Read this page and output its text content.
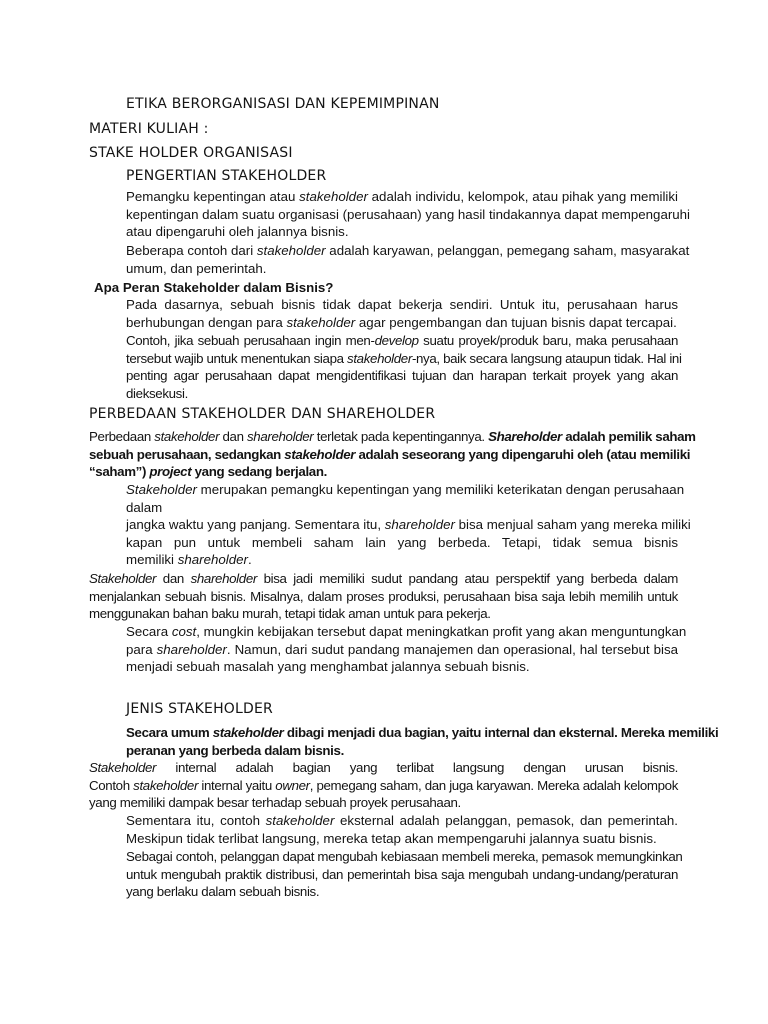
ETIKA BERORGANISASI DAN KEPEMIMPINAN
MATERI KULIAH :
STAKE HOLDER ORGANISASI
PENGERTIAN STAKEHOLDER
Pemangku kepentingan atau stakeholder adalah individu, kelompok, atau pihak yang memiliki
kepentingan dalam suatu organisasi (perusahaan) yang hasil tindakannya dapat mempengaruhi
atau dipengaruhi oleh jalannya bisnis.
Beberapa contoh dari stakeholder adalah karyawan, pelanggan, pemegang saham, masyarakat
umum, dan pemerintah.
Apa Peran Stakeholder dalam Bisnis?
Pada dasarnya, sebuah bisnis tidak dapat bekerja sendiri. Untuk itu, perusahaan harus
berhubungan dengan para stakeholder agar pengembangan dan tujuan bisnis dapat tercapai.
Contoh, jika sebuah perusahaan ingin men-develop suatu proyek/produk baru, maka perusahaan
tersebut wajib untuk menentukan siapa stakeholder-nya, baik secara langsung ataupun tidak. Hal ini
penting agar perusahaan dapat mengidentifikasi tujuan dan harapan terkait proyek yang akan
dieksekusi.
PERBEDAAN STAKEHOLDER DAN SHAREHOLDER
Perbedaan stakeholder dan shareholder terletak pada kepentingannya. Shareholder adalah pemilik saham
sebuah perusahaan, sedangkan stakeholder adalah seseorang yang dipengaruhi oleh (atau memiliki
“saham”) project yang sedang berjalan.
Stakeholder merupakan pemangku kepentingan yang memiliki keterikatan dengan perusahaan
dalam
jangka waktu yang panjang. Sementara itu, shareholder bisa menjual saham yang mereka miliki
kapan pun untuk membeli saham lain yang berbeda. Tetapi, tidak semua bisnis
memiliki shareholder.
Stakeholder dan shareholder bisa jadi memiliki sudut pandang atau perspektif yang berbeda dalam
menjalankan sebuah bisnis. Misalnya, dalam proses produksi, perusahaan bisa saja lebih memilih untuk
menggunakan bahan baku murah, tetapi tidak aman untuk para pekerja.
Secara cost, mungkin kebijakan tersebut dapat meningkatkan profit yang akan menguntungkan
para shareholder. Namun, dari sudut pandang manajemen dan operasional, hal tersebut bisa
menjadi sebuah masalah yang menghambat jalannya sebuah bisnis.
JENIS STAKEHOLDER
Secara umum stakeholder dibagi menjadi dua bagian, yaitu internal dan eksternal. Mereka memiliki
peranan yang berbeda dalam bisnis.
Stakeholder internal adalah bagian yang terlibat langsung dengan urusan bisnis.
Contoh stakeholder internal yaitu owner, pemegang saham, dan juga karyawan. Mereka adalah kelompok
yang memiliki dampak besar terhadap sebuah proyek perusahaan.
Sementara itu, contoh stakeholder eksternal adalah pelanggan, pemasok, dan pemerintah.
Meskipun tidak terlibat langsung, mereka tetap akan mempengaruhi jalannya suatu bisnis.
Sebagai contoh, pelanggan dapat mengubah kebiasaan membeli mereka, pemasok memungkinkan
untuk mengubah praktik distribusi, dan pemerintah bisa saja mengubah undang-undang/peraturan
yang berlaku dalam sebuah bisnis.
